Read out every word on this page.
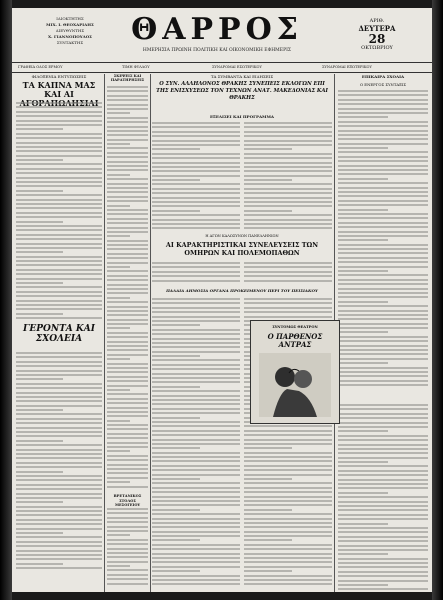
ΙΔΙΟΚΤΗΤΗΣ
ΜΙΧ. Ι. ΘΕΟΧΑΡΙΔΗΣ
ΔΙΕΥΘΥΝΤΗΣ
Χ. ΓΙΑΝΝΟΠΟΥΛΟΣ
ΣΥΝΤΑΚΤΗΣ	ΘΑΡΡΟΣ
ΗΜΕΡΗΣΙΑ ΠΡΩΙΝΗ ΠΟΛΙΤΙΚΗ ΚΑΙ ΟΙΚΟΝΟΜΙΚΗ ΕΦΗΜΕΡΙΣ
ΑΡΙΘ.
ΔΕΥΤΕΡΑ
28
ΟΚΤΩΒΡΙΟΥ
ΓΡΑΦΕΙΑ ΟΔΟΣ ΕΡΜΟΥ	ΤΙΜΗ ΦΥΛΛΟΥ	ΣΥΝΔΡΟΜΑΙ ΕΣΩΤΕΡΙΚΟΥ	ΣΥΝΔΡΟΜΑΙ ΕΞΩΤΕΡΙΚΟΥ
ΦΙΛΟΞΕΝΙΑ ΕΝΤΥΠΩΣΕΙΣ
ΤΑ ΚΑΠΝΑ ΜΑΣ ΚΑΙ ΑΙ
ΓΕΡΟΝΤΑ ΚΑΙ ΣΧΟΛΕΙΑ
ΣΚΕΨΕΙΣ ΚΑΙ ΠΑΡΑΤΗΡΗΣΕΙΣ
ΒΡΕΤΑΝΙΚΟΣ ΣΤΟΛΟΣ ΜΕΣΟΓΕΙΟΥ
ΤΑ ΣΥΜΒΑΝΤΑ ΚΑΙ ΕΙΔΗΣΕΙΣ
Ο ΣΥΝ. ΑΛΛΗΛΟΝΟΣ ΘΡΑΚΗΣ ΣΥΝΕΠΕΙΣ ΕΚΛΟΓΩΝ ΕΠΙ ΤΗΣ ΕΝΙΣΧΥΣΕΩΣ ΤΟΝ ΤΕΧΝΩΝ ΑΝΑΤ. ΜΑΚΕΔΟΝΙΑΣ ΚΑΙ ΘΡΑΚΗΣ
ΕΞΕΛΙΣΕΙ ΚΑΙ ΠΡΟΓΡΑΜΜΑ
Η ΑΓΩΝ ΚΑΛΩΣΥΝΩΝ ΠΑΝΕΛΛΗΝΙΩΝ
ΑΙ ΚΑΡΑΚΤΗΡΙΣΤΙΚΑΙ ΣΥΝΕΛΕΥΣΕΙΣ ΤΩΝ ΟΜΗΡΩΝ ΚΑΙ ΠΟΛΕΜΟΠΑΘΩΝ
ΠΑΛΑΙΑ ΔΗΜΟΣΙΑ ΟΡΓΑΝΑ ΠΡΟΚΕΙΜΕΝΟΥ ΠΕΡΙ ΤΟΥ ΠΕΙΣΙΑΚΟΥ
ΕΠΙΚΑΙΡΑ ΣΧΟΛΙΑ
Ο ΕΝΕΡΓΟΣ ΣΥΝΤΑΞΙΣ
ΣΥΝΤΟΜΩΣ ΘΕΑΤΡΟΝ
Ο ΠΑΡΘΕΝΟΣ ΑΝΤΡΑΣ
